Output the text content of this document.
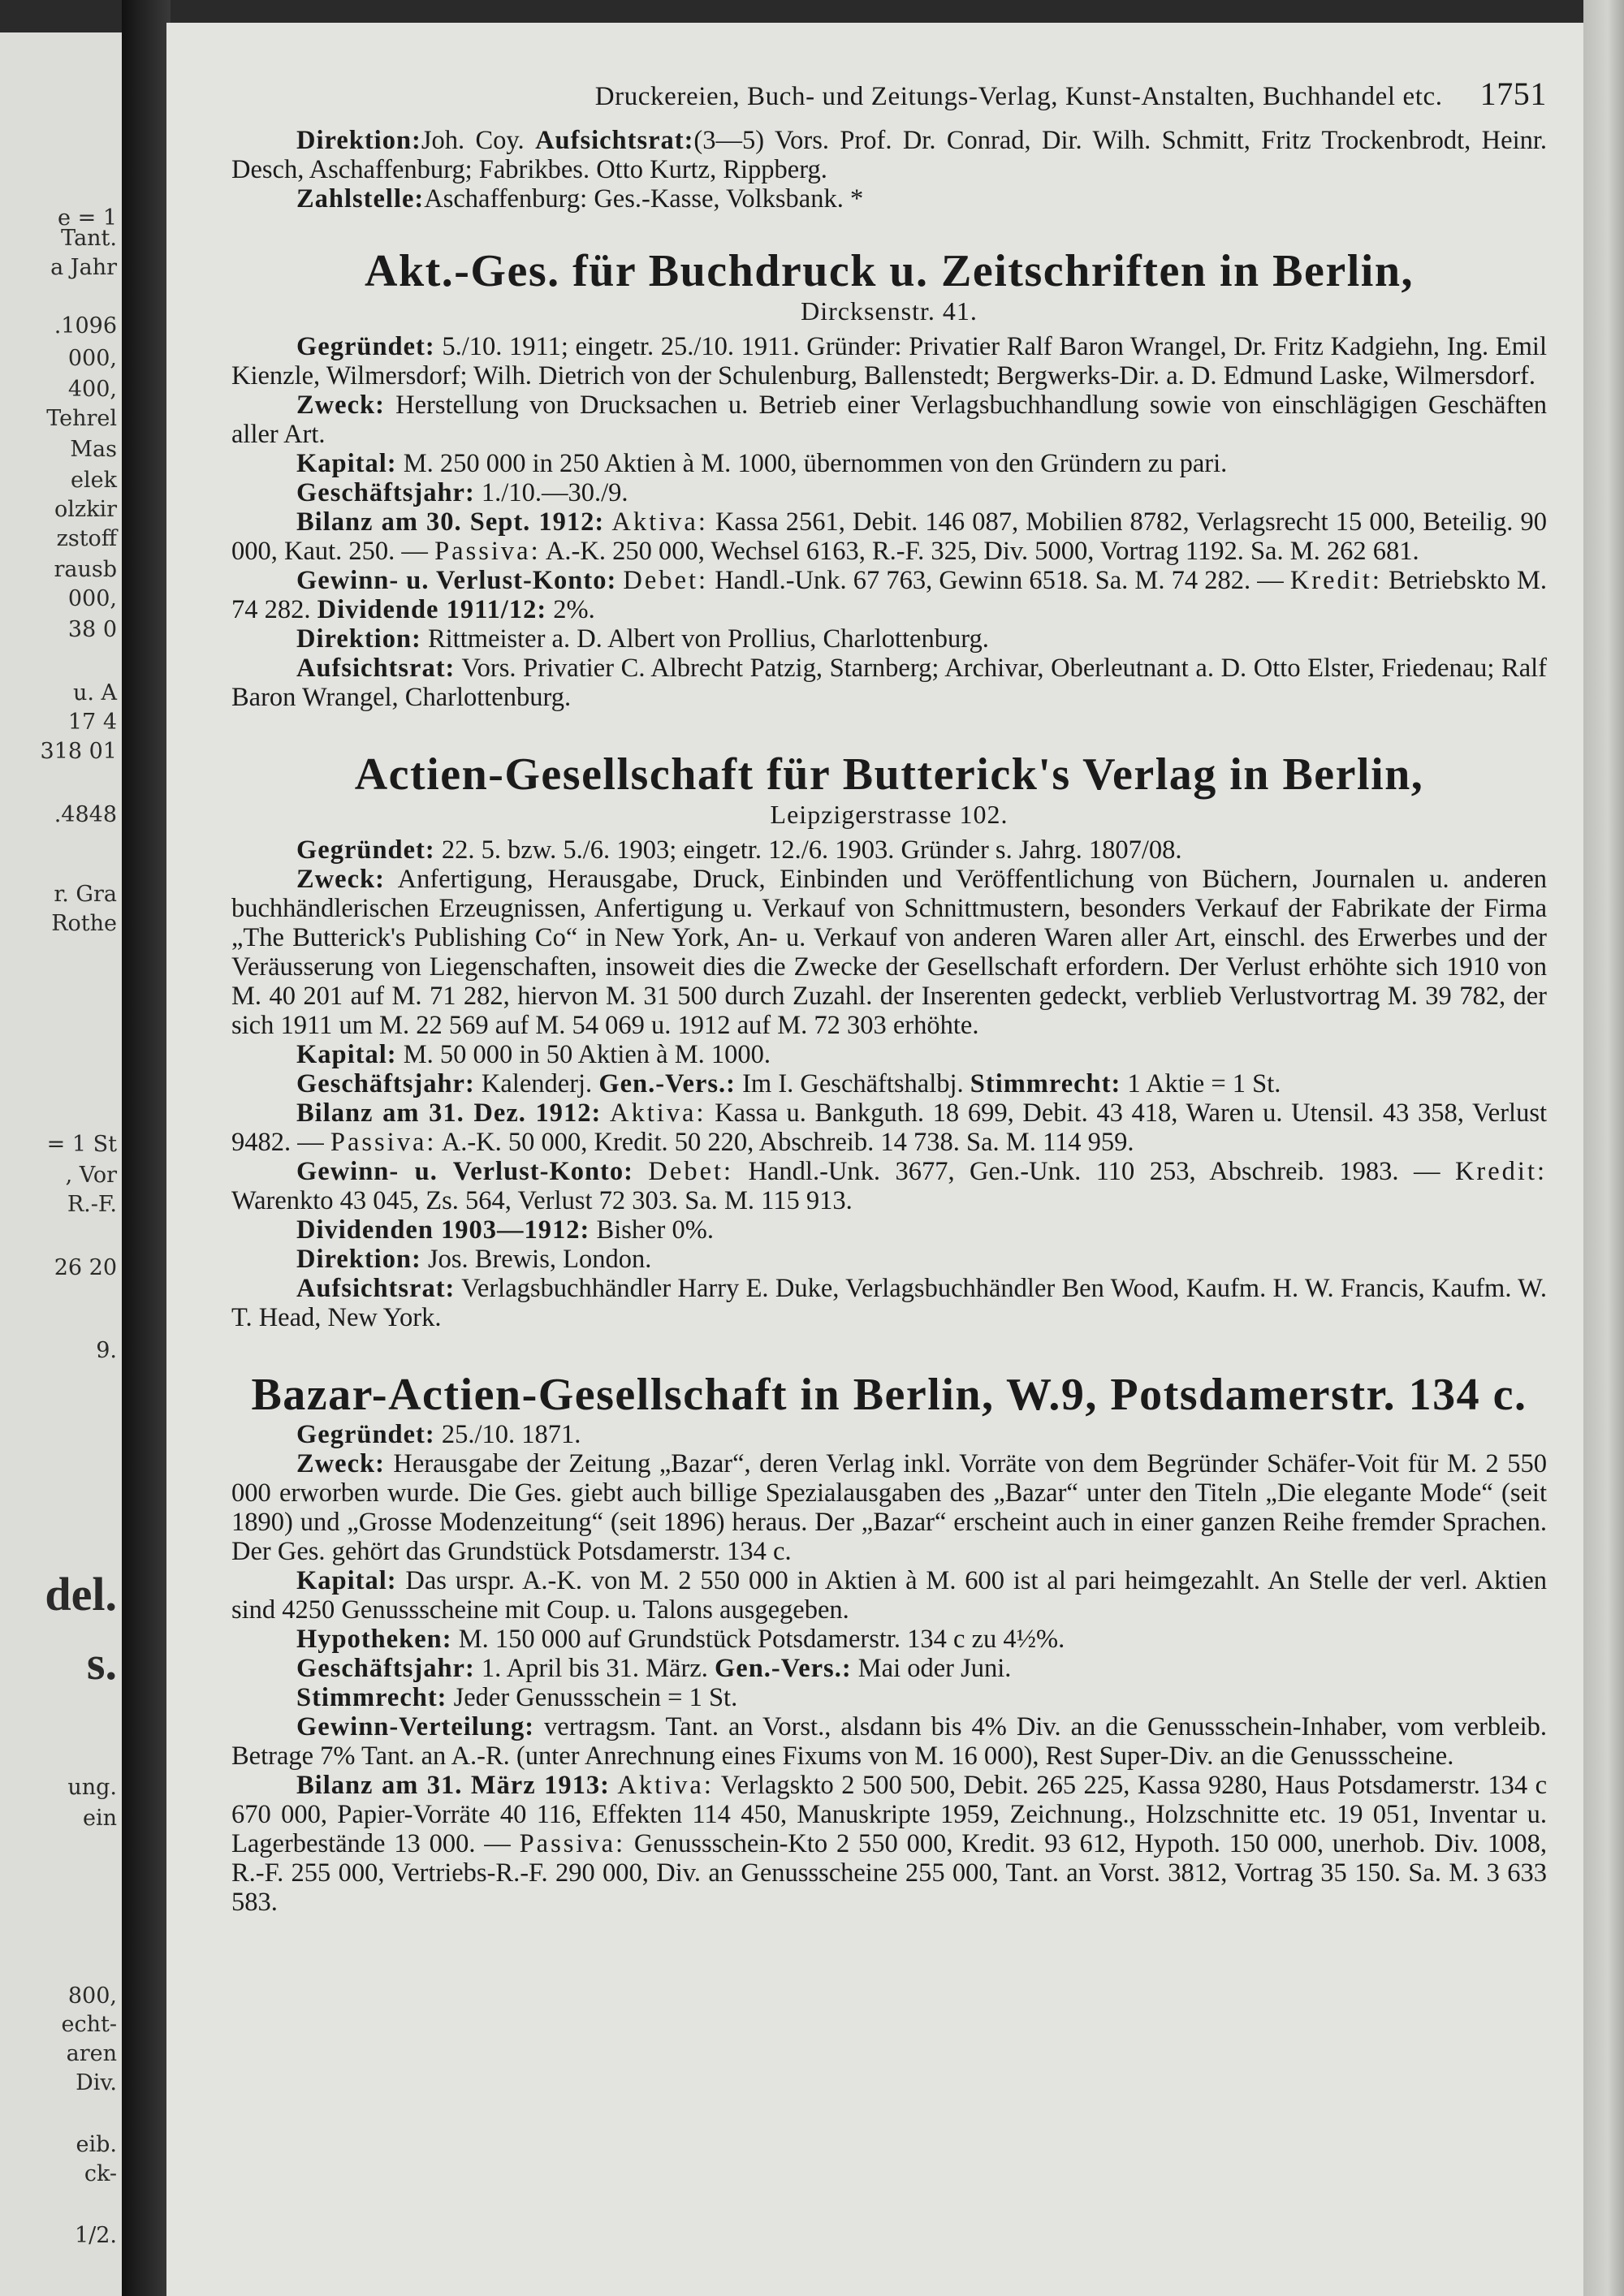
e = 1
Tant.
a Jahr
.1096
000,
400,
Tehrel
Mas
elek
olzkir
zstoff
rausb
000,
38 0
u. A
17 4
318 01
.4848
r. Gra
Rothe
= 1 St
, Vor
R.-F.
26 20
9.
del.
s.
ung.
ein
800,
echt-
aren
Div.
eib.
ck-
1/2.
Druckereien, Buch- und Zeitungs-Verlag, Kunst-Anstalten, Buchhandel etc. 1751

Direktion:Joh. Coy. Aufsichtsrat:(3—5) Vors. Prof. Dr. Conrad, Dir. Wilh. Schmitt, Fritz Trockenbrodt, Heinr. Desch, Aschaffenburg; Fabrikbes. Otto Kurtz, Rippberg.

Zahlstelle:Aschaffenburg: Ges.-Kasse, Volksbank. *

Akt.-Ges. für Buchdruck u. Zeitschriften in Berlin,
Dircksenstr. 41.

Gegründet: 5./10. 1911; eingetr. 25./10. 1911. Gründer: Privatier Ralf Baron Wrangel, Dr. Fritz Kadgiehn, Ing. Emil Kienzle, Wilmersdorf; Wilh. Dietrich von der Schulenburg, Ballenstedt; Bergwerks-Dir. a. D. Edmund Laske, Wilmersdorf.

Zweck: Herstellung von Drucksachen u. Betrieb einer Verlagsbuchhandlung sowie von einschlägigen Geschäften aller Art.

Kapital: M. 250 000 in 250 Aktien à M. 1000, übernommen von den Gründern zu pari.

Geschäftsjahr: 1./10.—30./9.

Bilanz am 30. Sept. 1912: Aktiva: Kassa 2561, Debit. 146 087, Mobilien 8782, Verlagsrecht 15 000, Beteilig. 90 000, Kaut. 250. — Passiva: A.-K. 250 000, Wechsel 6163, R.-F. 325, Div. 5000, Vortrag 1192. Sa. M. 262 681.

Gewinn- u. Verlust-Konto: Debet: Handl.-Unk. 67 763, Gewinn 6518. Sa. M. 74 282. — Kredit: Betriebskto M. 74 282. Dividende 1911/12: 2%.

Direktion: Rittmeister a. D. Albert von Prollius, Charlottenburg.

Aufsichtsrat: Vors. Privatier C. Albrecht Patzig, Starnberg; Archivar, Oberleutnant a. D. Otto Elster, Friedenau; Ralf Baron Wrangel, Charlottenburg.

Actien-Gesellschaft für Butterick's Verlag in Berlin,
Leipzigerstrasse 102.

Gegründet: 22. 5. bzw. 5./6. 1903; eingetr. 12./6. 1903. Gründer s. Jahrg. 1807/08.

Zweck: Anfertigung, Herausgabe, Druck, Einbinden und Veröffentlichung von Büchern, Journalen u. anderen buchhändlerischen Erzeugnissen, Anfertigung u. Verkauf von Schnittmustern, besonders Verkauf der Fabrikate der Firma „The Butterick's Publishing Co“ in New York, An- u. Verkauf von anderen Waren aller Art, einschl. des Erwerbes und der Veräusserung von Liegenschaften, insoweit dies die Zwecke der Gesellschaft erfordern. Der Verlust erhöhte sich 1910 von M. 40 201 auf M. 71 282, hiervon M. 31 500 durch Zuzahl. der Inserenten gedeckt, verblieb Verlustvortrag M. 39 782, der sich 1911 um M. 22 569 auf M. 54 069 u. 1912 auf M. 72 303 erhöhte.

Kapital: M. 50 000 in 50 Aktien à M. 1000.

Geschäftsjahr: Kalenderj. Gen.-Vers.: Im I. Geschäftshalbj. Stimmrecht: 1 Aktie = 1 St.

Bilanz am 31. Dez. 1912: Aktiva: Kassa u. Bankguth. 18 699, Debit. 43 418, Waren u. Utensil. 43 358, Verlust 9482. — Passiva: A.-K. 50 000, Kredit. 50 220, Abschreib. 14 738. Sa. M. 114 959.

Gewinn- u. Verlust-Konto: Debet: Handl.-Unk. 3677, Gen.-Unk. 110 253, Abschreib. 1983. — Kredit: Warenkto 43 045, Zs. 564, Verlust 72 303. Sa. M. 115 913.

Dividenden 1903—1912: Bisher 0%.

Direktion: Jos. Brewis, London.

Aufsichtsrat: Verlagsbuchhändler Harry E. Duke, Verlagsbuchhändler Ben Wood, Kaufm. H. W. Francis, Kaufm. W. T. Head, New York.

Bazar-Actien-Gesellschaft in Berlin, W.9, Potsdamerstr. 134 c.

Gegründet: 25./10. 1871.

Zweck: Herausgabe der Zeitung „Bazar“, deren Verlag inkl. Vorräte von dem Begründer Schäfer-Voit für M. 2 550 000 erworben wurde. Die Ges. giebt auch billige Spezialausgaben des „Bazar“ unter den Titeln „Die elegante Mode“ (seit 1890) und „Grosse Modenzeitung“ (seit 1896) heraus. Der „Bazar“ erscheint auch in einer ganzen Reihe fremder Sprachen. Der Ges. gehört das Grundstück Potsdamerstr. 134 c.

Kapital: Das urspr. A.-K. von M. 2 550 000 in Aktien à M. 600 ist al pari heimgezahlt. An Stelle der verl. Aktien sind 4250 Genussscheine mit Coup. u. Talons ausgegeben.

Hypotheken: M. 150 000 auf Grundstück Potsdamerstr. 134 c zu 4½%.

Geschäftsjahr: 1. April bis 31. März. Gen.-Vers.: Mai oder Juni.

Stimmrecht: Jeder Genussschein = 1 St.

Gewinn-Verteilung: vertragsm. Tant. an Vorst., alsdann bis 4% Div. an die Genussschein-Inhaber, vom verbleib. Betrage 7% Tant. an A.-R. (unter Anrechnung eines Fixums von M. 16 000), Rest Super-Div. an die Genussscheine.

Bilanz am 31. März 1913: Aktiva: Verlagskto 2 500 500, Debit. 265 225, Kassa 9280, Haus Potsdamerstr. 134 c 670 000, Papier-Vorräte 40 116, Effekten 114 450, Manuskripte 1959, Zeichnung., Holzschnitte etc. 19 051, Inventar u. Lagerbestände 13 000. — Passiva: Genussschein-Kto 2 550 000, Kredit. 93 612, Hypoth. 150 000, unerhob. Div. 1008, R.-F. 255 000, Vertriebs-R.-F. 290 000, Div. an Genussscheine 255 000, Tant. an Vorst. 3812, Vortrag 35 150. Sa. M. 3 633 583.
